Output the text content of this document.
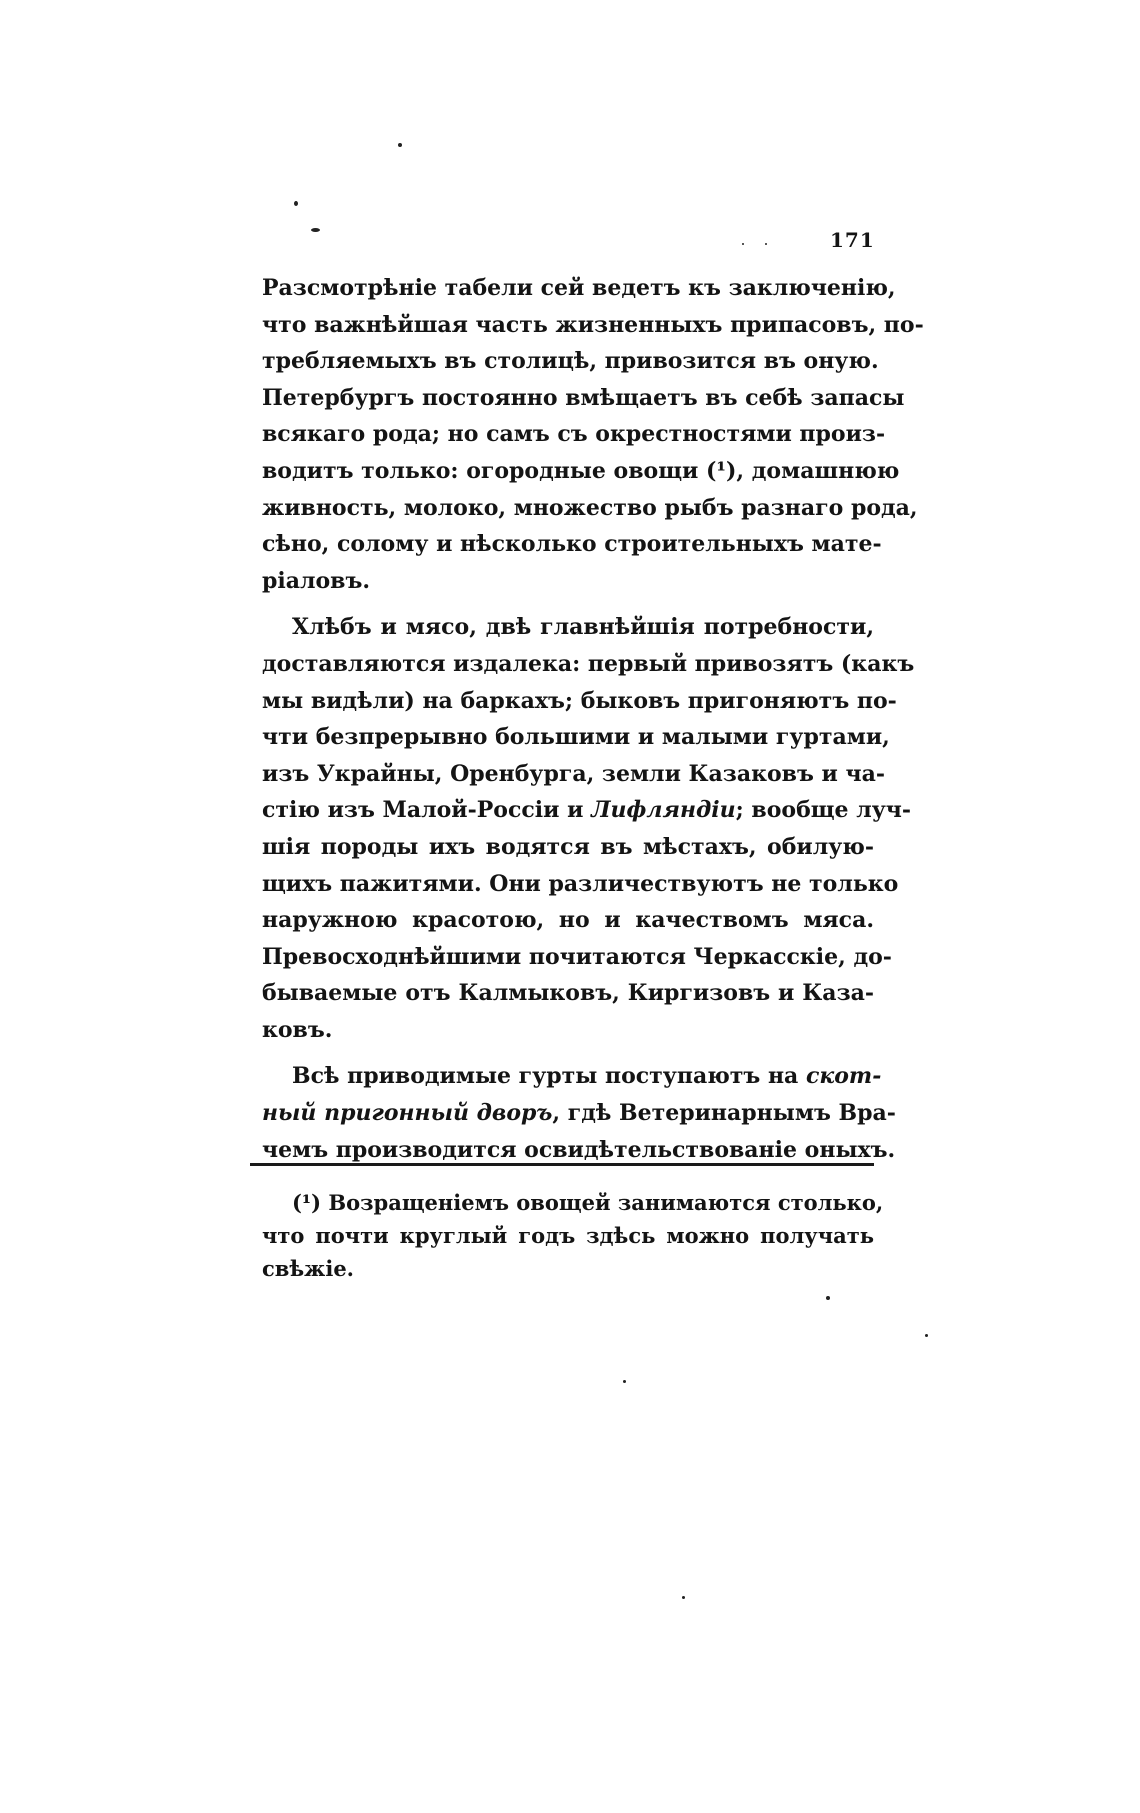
171

Разсмотрѣніе табели сей ведетъ къ заключенію,
что важнѣйшая часть жизненныхъ припасовъ, по-
требляемыхъ въ столицѣ, привозится въ оную.
Петербургъ постоянно вмѣщаетъ въ себѣ запасы
всякаго рода; но самъ съ окрестностями произ-
водитъ только: огородные овощи (¹), домашнюю
живность, молоко, множество рыбъ разнаго рода,
сѣно, солому и нѣсколько строительныхъ мате-
ріаловъ.

Хлѣбъ и мясо, двѣ главнѣйшія потребности,
доставляются издалека: первый привозятъ (какъ
мы видѣли) на баркахъ; быковъ пригоняютъ по-
чти безпрерывно большими и малыми гуртами,
изъ Украйны, Оренбурга, земли Казаковъ и ча-
стію изъ Малой-Россіи и Лифляндіи; вообще луч-
шія породы ихъ водятся въ мѣстахъ, обилую-
щихъ пажитями. Они различествуютъ не только
наружною красотою, но и качествомъ мяса.
Превосходнѣйшими почитаются Черкасскіе, до-
бываемые отъ Калмыковъ, Киргизовъ и Каза-
ковъ.

Всѣ приводимые гурты поступаютъ на скот-
ный пригонный дворъ, гдѣ Ветеринарнымъ Вра-
чемъ производится освидѣтельствованіе оныхъ.

(¹) Возращеніемъ овощей занимаются столько,
что почти круглый годъ здѣсь можно получать
свѣжіе.
